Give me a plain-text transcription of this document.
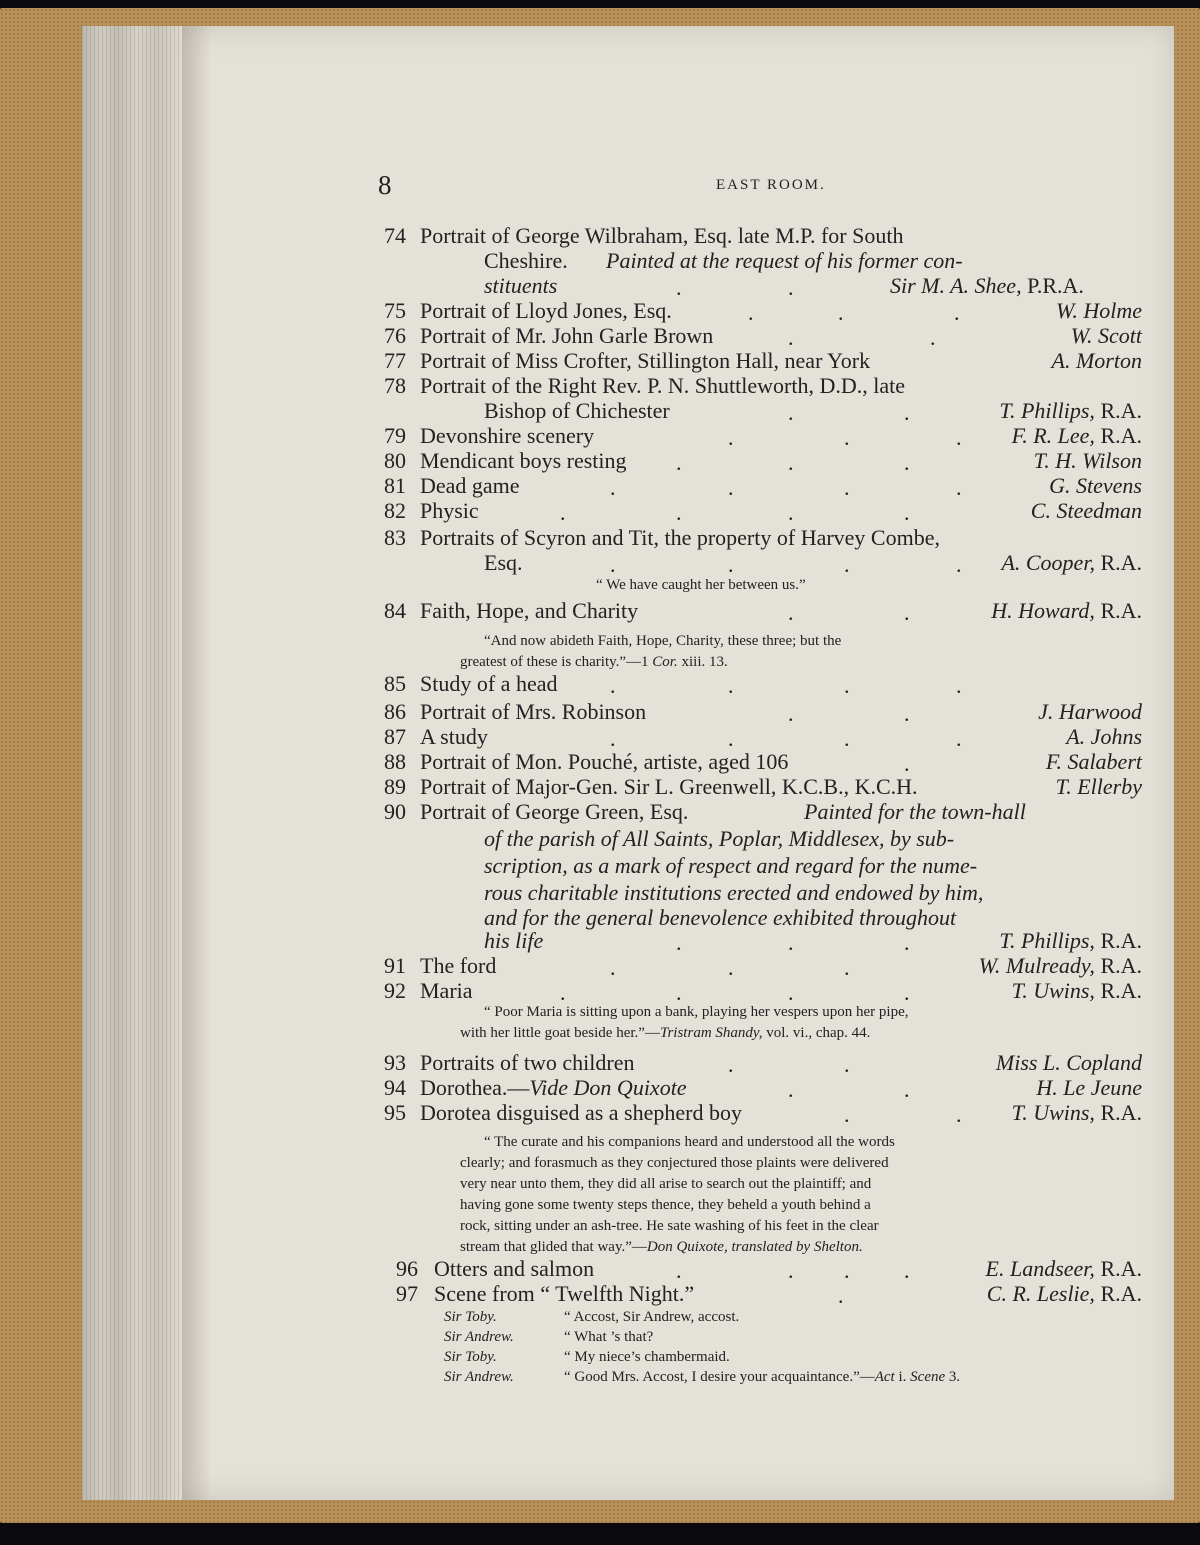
8	EAST ROOM.
74 Portrait of George Wilbraham, Esq. late M.P. for South
Cheshire. Painted at the request of his former con-
stituents	.	.	Sir M. A. Shee, P.R.A.
75 Portrait of Lloyd Jones, Esq.	.	.	.	W. Holme
76 Portrait of Mr. John Garle Brown	.	.	W. Scott
77 Portrait of Miss Crofter, Stillington Hall, near York	A. Morton
78 Portrait of the Right Rev. P. N. Shuttleworth, D.D., late
Bishop of Chichester	.	.	T. Phillips, R.A.
79 Devonshire scenery	.	.	. F. R. Lee, R.A.
80 Mendicant boys resting .	.	.	T. H. Wilson
81 Dead game	.	.	.	.	G. Stevens
82 Physic	.	.	.	.	C. Steedman
83 Portraits of Scyron and Tit, the property of Harvey Combe,
Esq.	.	.	.	. A. Cooper, R.A.
“ We have caught her between us.”
84 Faith, Hope, and Charity	.	.	H. Howard, R.A.
“And now abideth Faith, Hope, Charity, these three; but the
greatest of these is charity.”—1 Cor. xiii. 13.
85 Study of a head .	.	.	.
86 Portrait of Mrs. Robinson	.	.	J. Harwood
87 A study	.	.	.	.	A. Johns
88 Portrait of Mon. Pouché, artiste, aged 106	.	F. Salabert
89 Portrait of Major-Gen. Sir L. Greenwell, K.C.B., K.C.H.	T. Ellerby
90 Portrait of George Green, Esq.	Painted for the town-hall
of the parish of All Saints, Poplar, Middlesex, by sub-
scription, as a mark of respect and regard for the nume-
rous charitable institutions erected and endowed by him,
and for the general benevolence exhibited throughout
his life	.	.	.	T. Phillips, R.A.
91 The ford	.	.	.	W. Mulready, R.A.
92 Maria	.	.	.	.	T. Uwins, R.A.
“ Poor Maria is sitting upon a bank, playing her vespers upon her pipe,
with her little goat beside her.”—Tristram Shandy, vol. vi., chap. 44.
93 Portraits of two children	.	.	Miss L. Copland
94 Dorothea.—Vide Don Quixote	.	.	H. Le Jeune
95 Dorotea disguised as a shepherd boy	.	. T. Uwins, R.A.
“ The curate and his companions heard and understood all the words
clearly; and forasmuch as they conjectured those plaints were delivered
very near unto them, they did all arise to search out the plaintiff; and
having gone some twenty steps thence, they beheld a youth behind a
rock, sitting under an ash-tree. He sate washing of his feet in the clear
stream that glided that way.”—Don Quixote, translated by Shelton.
96 Otters and salmon	.	. . .	E. Landseer, R.A.
97 Scene from “ Twelfth Night.”	.	C. R. Leslie, R.A.
Sir Toby.	“ Accost, Sir Andrew, accost.
Sir Andrew.	“ What ’s that?
Sir Toby.	“ My niece’s chambermaid.
Sir Andrew.	“ Good Mrs. Accost, I desire your acquaintance.”—Act i. Scene 3.
